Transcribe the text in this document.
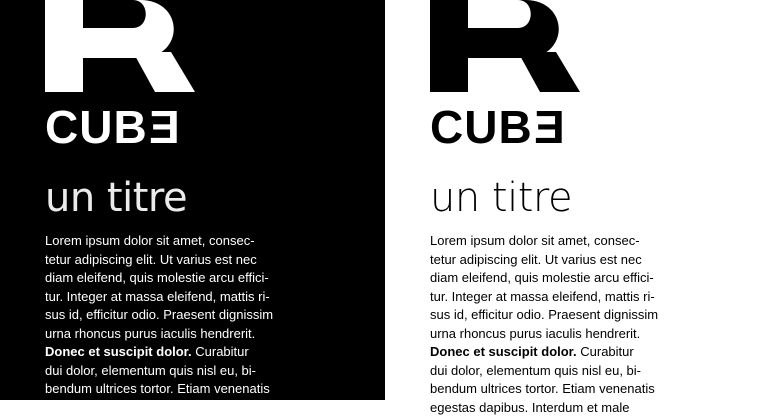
CUBE
un titre
Lorem ipsum dolor sit amet, consec-
tetur adipiscing elit. Ut varius est nec
diam eleifend, quis molestie arcu effici-
tur. Integer at massa eleifend, mattis ri-
sus id, efficitur odio. Praesent dignissim
urna rhoncus purus iaculis hendrerit.
Donec et suscipit dolor. Curabitur
dui dolor, elementum quis nisl eu, bi-
bendum ultrices tortor. Etiam venenatis
egestas dapibus. Interdum et male
CUBE
un titre
Lorem ipsum dolor sit amet, consec-
tetur adipiscing elit. Ut varius est nec
diam eleifend, quis molestie arcu effici-
tur. Integer at massa eleifend, mattis ri-
sus id, efficitur odio. Praesent dignissim
urna rhoncus purus iaculis hendrerit.
Donec et suscipit dolor. Curabitur
dui dolor, elementum quis nisl eu, bi-
bendum ultrices tortor. Etiam venenatis
egestas dapibus. Interdum et male
